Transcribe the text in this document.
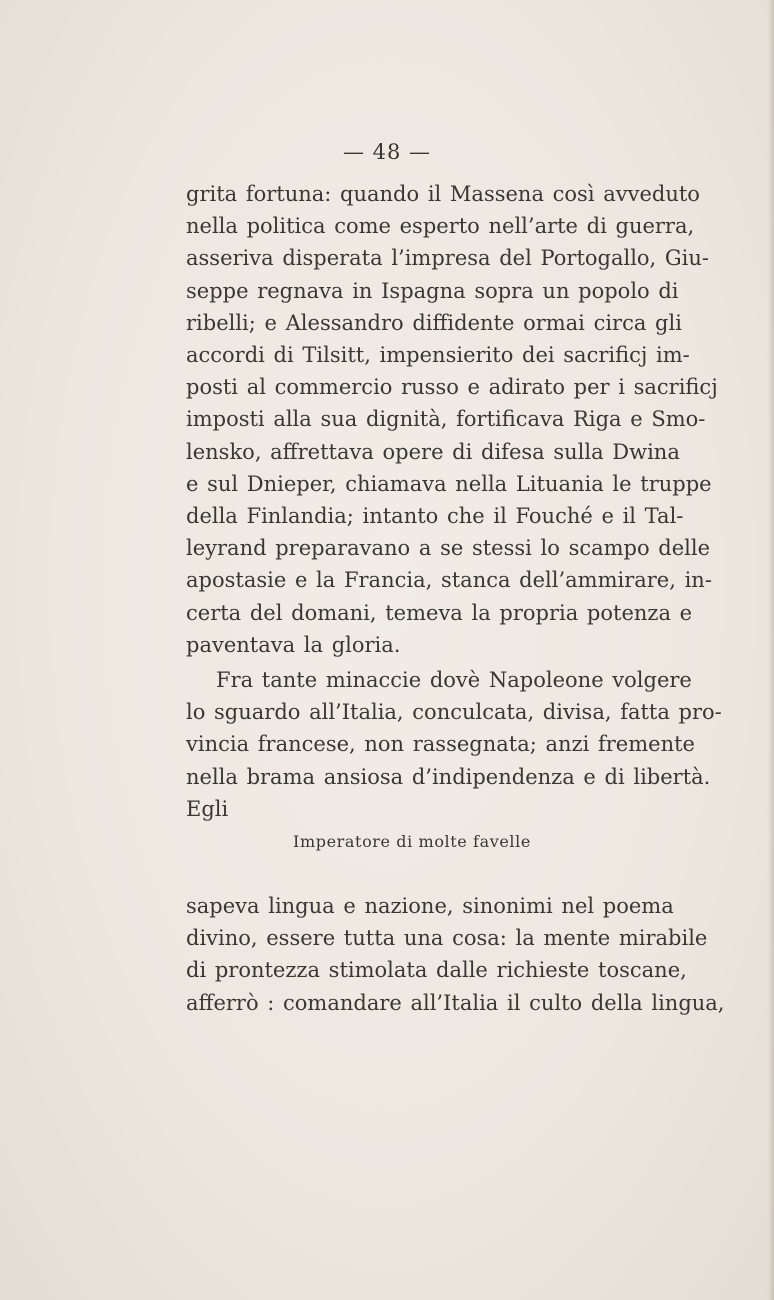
— 48 —
grita fortuna: quando il Massena così avveduto
nella politica come esperto nell’arte di guerra,
asseriva disperata l’impresa del Portogallo, Giu-
seppe regnava in Ispagna sopra un popolo di
ribelli; e Alessandro diffidente ormai circa gli
accordi di Tilsitt, impensierito dei sacrificj im-
posti al commercio russo e adirato per i sacrificj
imposti alla sua dignità, fortificava Riga e Smo-
lensko, affrettava opere di difesa sulla Dwina
e sul Dnieper, chiamava nella Lituania le truppe
della Finlandia; intanto che il Fouché e il Tal-
leyrand preparavano a se stessi lo scampo delle
apostasie e la Francia, stanca dell’ammirare, in-
certa del domani, temeva la propria potenza e
paventava la gloria.
Fra tante minaccie dovè Napoleone volgere
lo sguardo all’Italia, conculcata, divisa, fatta pro-
vincia francese, non rassegnata; anzi fremente
nella brama ansiosa d’indipendenza e di libertà.
Egli
Imperatore di molte favelle
sapeva lingua e nazione, sinonimi nel poema
divino, essere tutta una cosa: la mente mirabile
di prontezza stimolata dalle richieste toscane,
afferrò : comandare all’Italia il culto della lingua,
